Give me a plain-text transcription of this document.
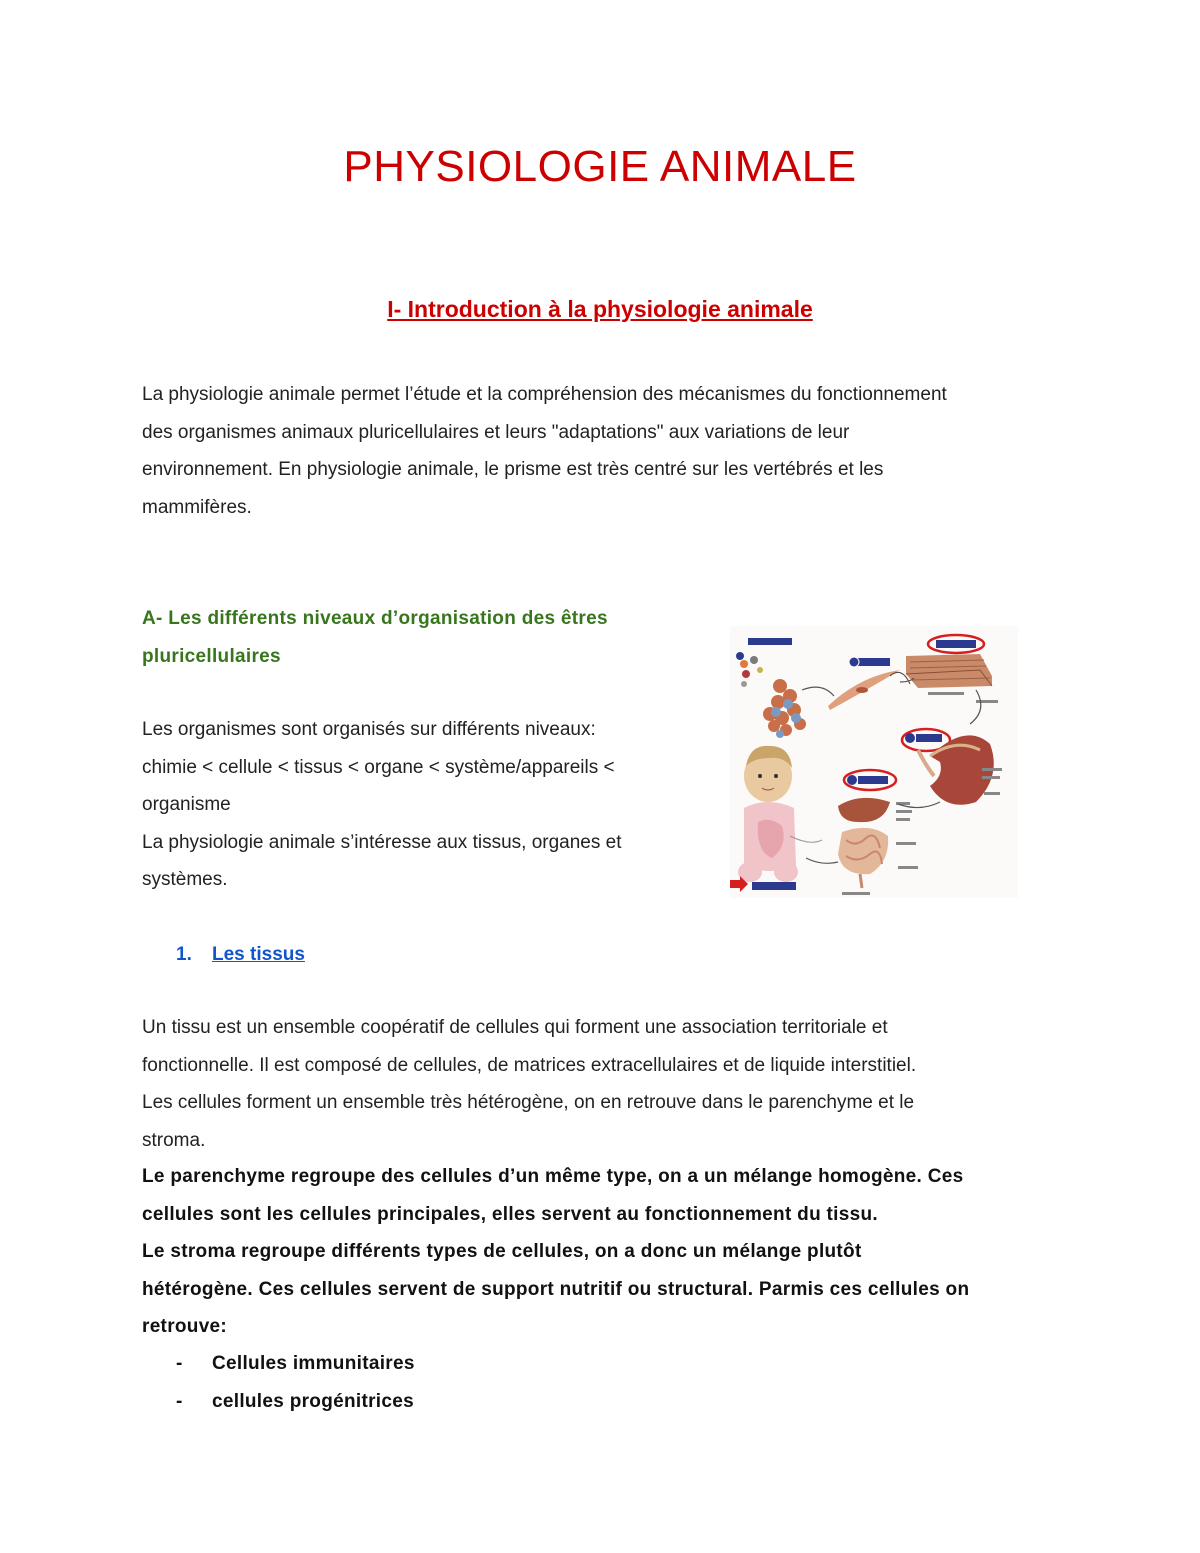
PHYSIOLOGIE ANIMALE
I- Introduction à la physiologie animale

La physiologie animale permet l’étude et la compréhension des mécanismes du fonctionnement
des organismes animaux pluricellulaires et leurs "adaptations" aux variations de leur
environnement. En physiologie animale, le prisme est très centré sur les vertébrés et les
mammifères.

A- Les différents niveaux d’organisation des êtres
pluricellulaires

Les organismes sont organisés sur différents niveaux:
chimie < cellule < tissus < organe < système/appareils <
organisme
La physiologie animale s’intéresse aux tissus, organes et
systèmes.

1. Les tissus

Un tissu est un ensemble coopératif de cellules qui forment une association territoriale et
fonctionnelle. Il est composé de cellules, de matrices extracellulaires et de liquide interstitiel.
Les cellules forment un ensemble très hétérogène, on en retrouve dans le parenchyme et le
stroma.

Le parenchyme regroupe des cellules d’un même type, on a un mélange homogène. Ces
cellules sont les cellules principales, elles servent au fonctionnement du tissu.
Le stroma regroupe différents types de cellules, on a donc un mélange plutôt
hétérogène. Ces cellules servent de support nutritif ou structural. Parmis ces cellules on
retrouve:

- Cellules immunitaires
- cellules progénitrices
